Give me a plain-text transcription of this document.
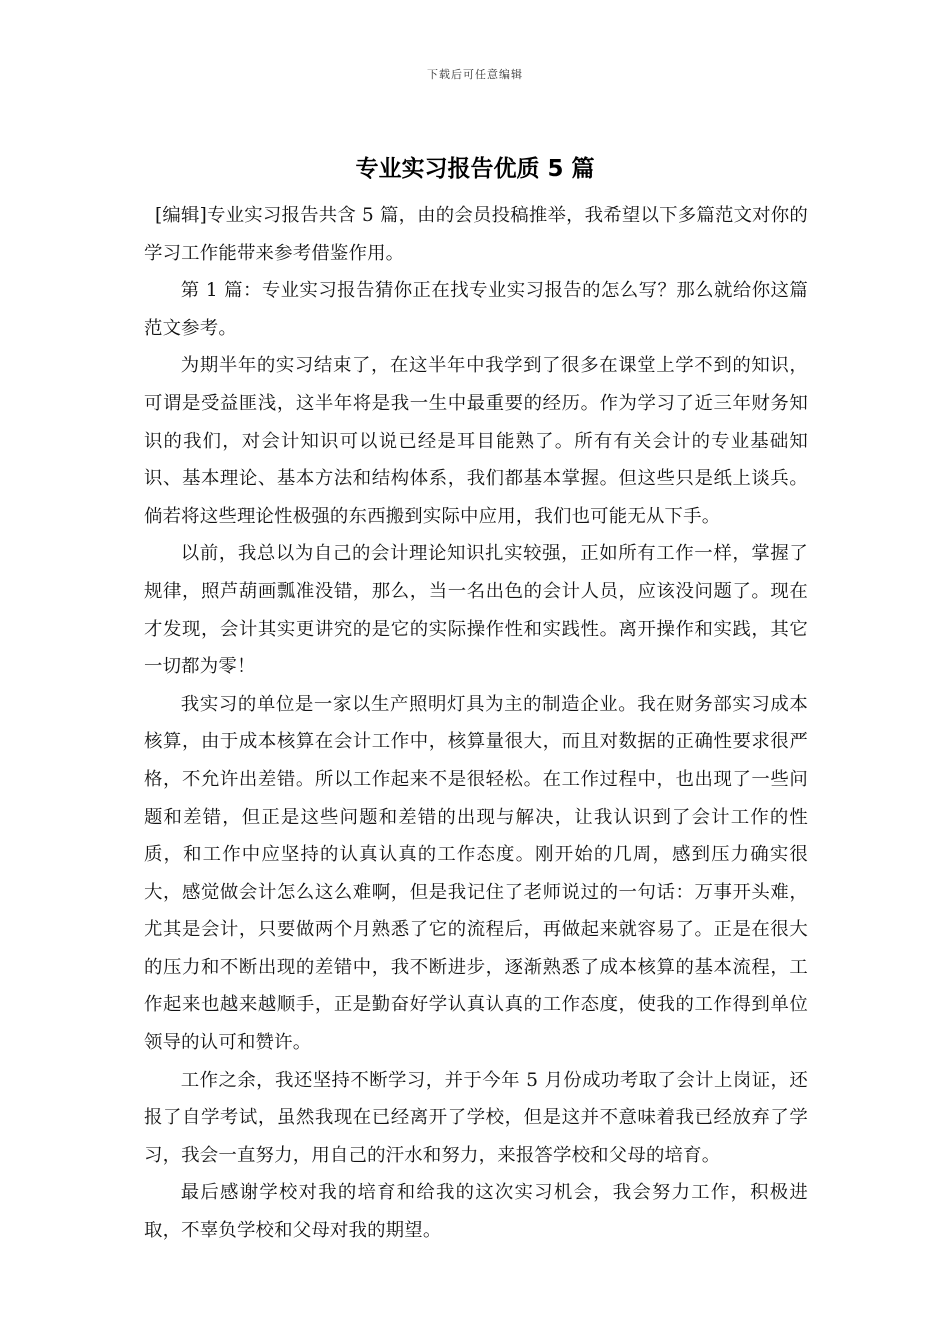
下载后可任意编辑
专业实习报告优质 5 篇

[编辑]专业实习报告共含 5 篇，由的会员投稿推举，我希望以下多篇范文对你的学习工作能带来参考借鉴作用。

第 1 篇：专业实习报告猜你正在找专业实习报告的怎么写？那么就给你这篇范文参考。

为期半年的实习结束了，在这半年中我学到了很多在课堂上学不到的知识，可谓是受益匪浅，这半年将是我一生中最重要的经历。作为学习了近三年财务知识的我们，对会计知识可以说已经是耳目能熟了。所有有关会计的专业基础知识、基本理论、基本方法和结构体系，我们都基本掌握。但这些只是纸上谈兵。倘若将这些理论性极强的东西搬到实际中应用，我们也可能无从下手。

以前，我总以为自己的会计理论知识扎实较强，正如所有工作一样，掌握了规律，照芦葫画瓢准没错，那么，当一名出色的会计人员，应该没问题了。现在才发现，会计其实更讲究的是它的实际操作性和实践性。离开操作和实践，其它一切都为零！

我实习的单位是一家以生产照明灯具为主的制造企业。我在财务部实习成本核算，由于成本核算在会计工作中，核算量很大，而且对数据的正确性要求很严格，不允许出差错。所以工作起来不是很轻松。在工作过程中，也出现了一些问题和差错，但正是这些问题和差错的出现与解决，让我认识到了会计工作的性质，和工作中应坚持的认真认真的工作态度。刚开始的几周，感到压力确实很大，感觉做会计怎么这么难啊，但是我记住了老师说过的一句话：万事开头难，尤其是会计，只要做两个月熟悉了它的流程后，再做起来就容易了。正是在很大的压力和不断出现的差错中，我不断进步，逐渐熟悉了成本核算的基本流程，工作起来也越来越顺手，正是勤奋好学认真认真的工作态度，使我的工作得到单位领导的认可和赞许。

工作之余，我还坚持不断学习，并于今年 5 月份成功考取了会计上岗证，还报了自学考试，虽然我现在已经离开了学校，但是这并不意味着我已经放弃了学习，我会一直努力，用自己的汗水和努力，来报答学校和父母的培育。

最后感谢学校对我的培育和给我的这次实习机会，我会努力工作，积极进取，不辜负学校和父母对我的期望。
